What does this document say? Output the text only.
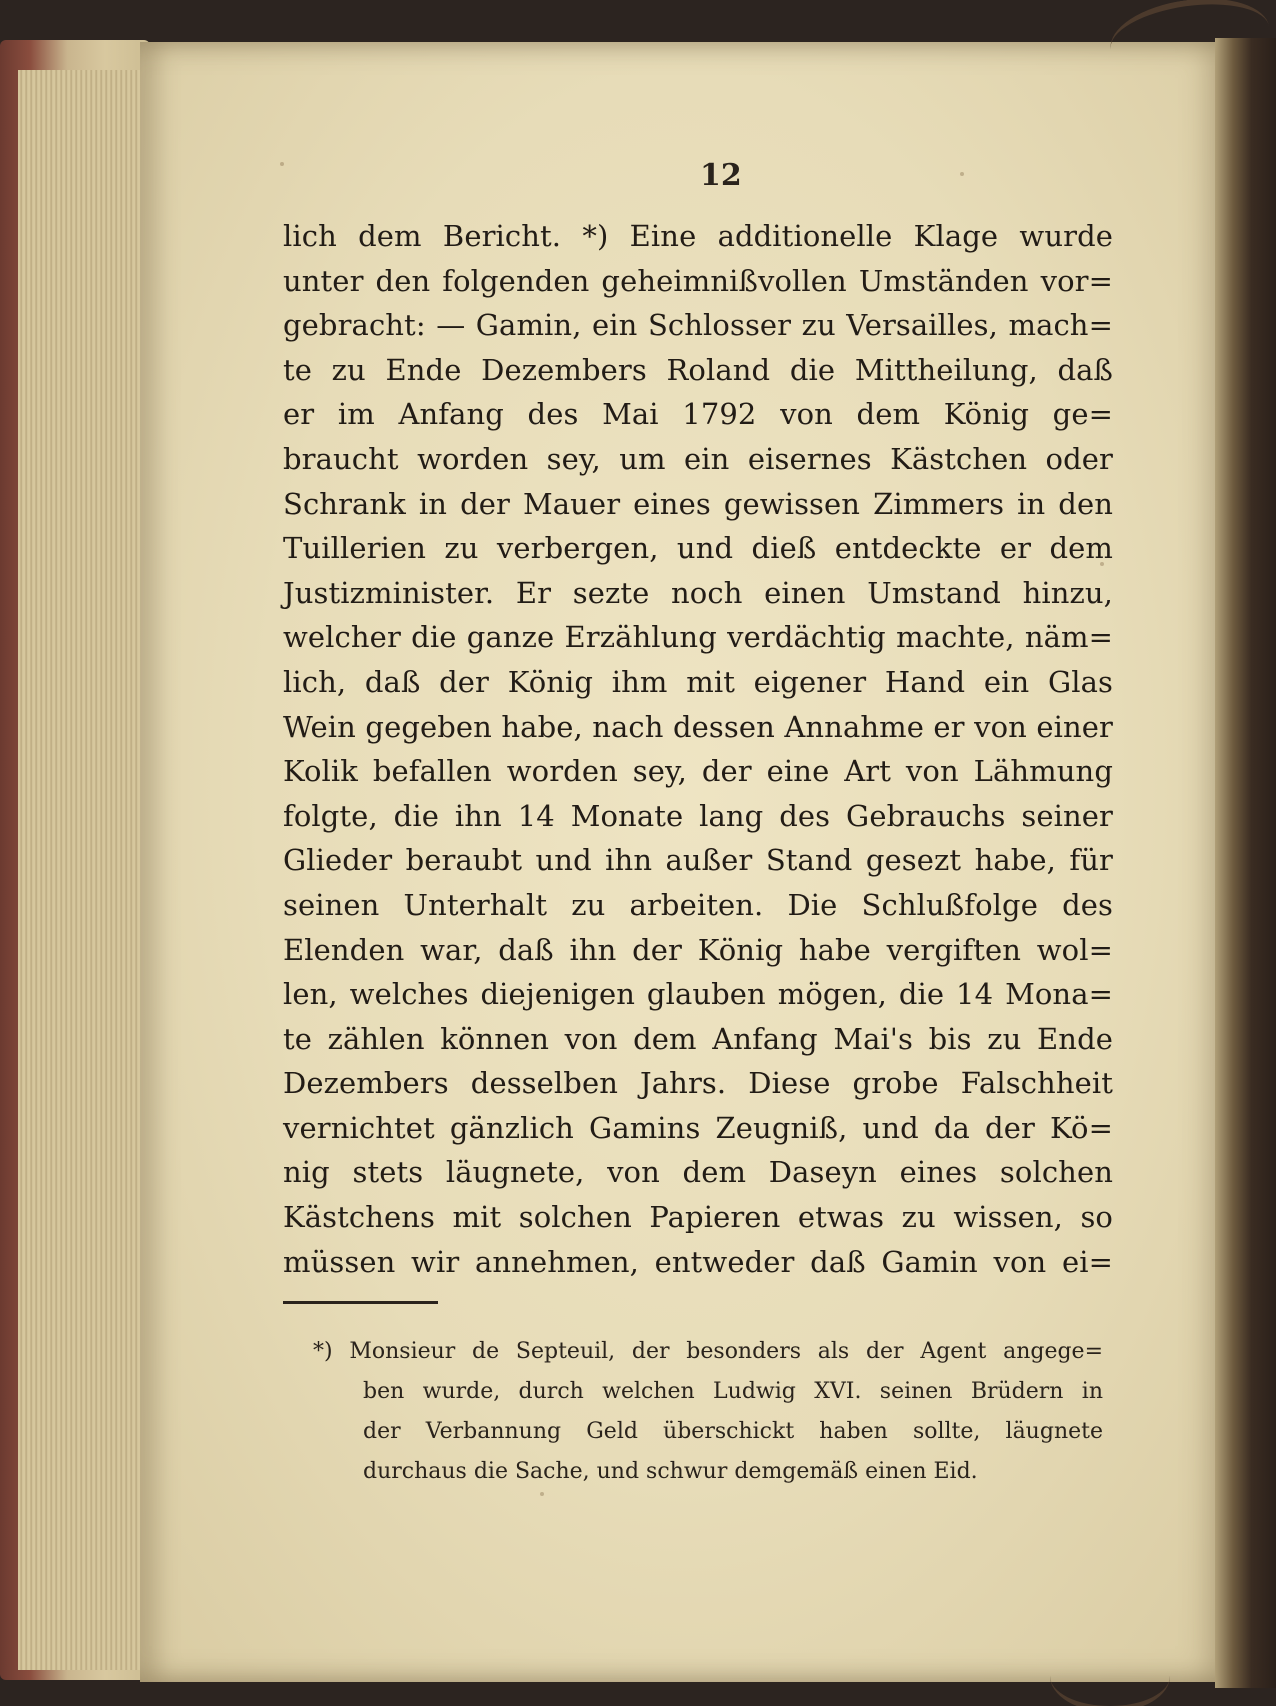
12
lich dem Bericht. *) Eine additionelle Klage wurde
unter den folgenden geheimnißvollen Umständen vor=
gebracht: — Gamin, ein Schlosser zu Versailles, mach=
te zu Ende Dezembers Roland die Mittheilung, daß
er im Anfang des Mai 1792 von dem König ge=
braucht worden sey, um ein eisernes Kästchen oder
Schrank in der Mauer eines gewissen Zimmers in den
Tuillerien zu verbergen, und dieß entdeckte er dem
Justizminister. Er sezte noch einen Umstand hinzu,
welcher die ganze Erzählung verdächtig machte, näm=
lich, daß der König ihm mit eigener Hand ein Glas
Wein gegeben habe, nach dessen Annahme er von einer
Kolik befallen worden sey, der eine Art von Lähmung
folgte, die ihn 14 Monate lang des Gebrauchs seiner
Glieder beraubt und ihn außer Stand gesezt habe, für
seinen Unterhalt zu arbeiten. Die Schlußfolge des
Elenden war, daß ihn der König habe vergiften wol=
len, welches diejenigen glauben mögen, die 14 Mona=
te zählen können von dem Anfang Mai's bis zu Ende
Dezembers desselben Jahrs. Diese grobe Falschheit
vernichtet gänzlich Gamins Zeugniß, und da der Kö=
nig stets läugnete, von dem Daseyn eines solchen
Kästchens mit solchen Papieren etwas zu wissen, so
müssen wir annehmen, entweder daß Gamin von ei=
*) Monsieur de Septeuil, der besonders als der Agent angege=
ben wurde, durch welchen Ludwig XVI. seinen Brüdern in
der Verbannung Geld überschickt haben sollte, läugnete
durchaus die Sache, und schwur demgemäß einen Eid.
